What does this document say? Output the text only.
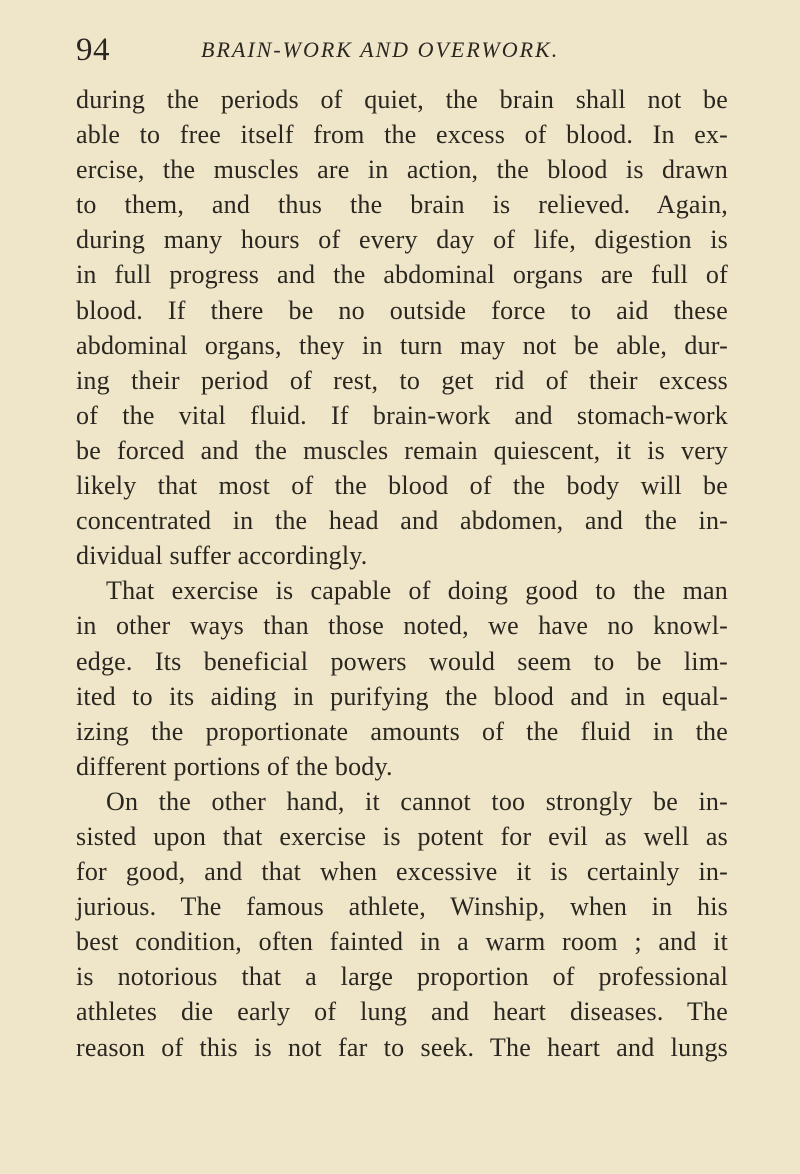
94	BRAIN-WORK AND OVERWORK.
during the periods of quiet, the brain shall not be
able to free itself from the excess of blood. In ex-
ercise, the muscles are in action, the blood is drawn
to them, and thus the brain is relieved. Again,
during many hours of every day of life, digestion is
in full progress and the abdominal organs are full of
blood. If there be no outside force to aid these
abdominal organs, they in turn may not be able, dur-
ing their period of rest, to get rid of their excess
of the vital fluid. If brain-work and stomach-work
be forced and the muscles remain quiescent, it is very
likely that most of the blood of the body will be
concentrated in the head and abdomen, and the in-
dividual suffer accordingly.
That exercise is capable of doing good to the man
in other ways than those noted, we have no knowl-
edge. Its beneficial powers would seem to be lim-
ited to its aiding in purifying the blood and in equal-
izing the proportionate amounts of the fluid in the
different portions of the body.
On the other hand, it cannot too strongly be in-
sisted upon that exercise is potent for evil as well as
for good, and that when excessive it is certainly in-
jurious. The famous athlete, Winship, when in his
best condition, often fainted in a warm room ; and it
is notorious that a large proportion of professional
athletes die early of lung and heart diseases. The
reason of this is not far to seek. The heart and lungs
